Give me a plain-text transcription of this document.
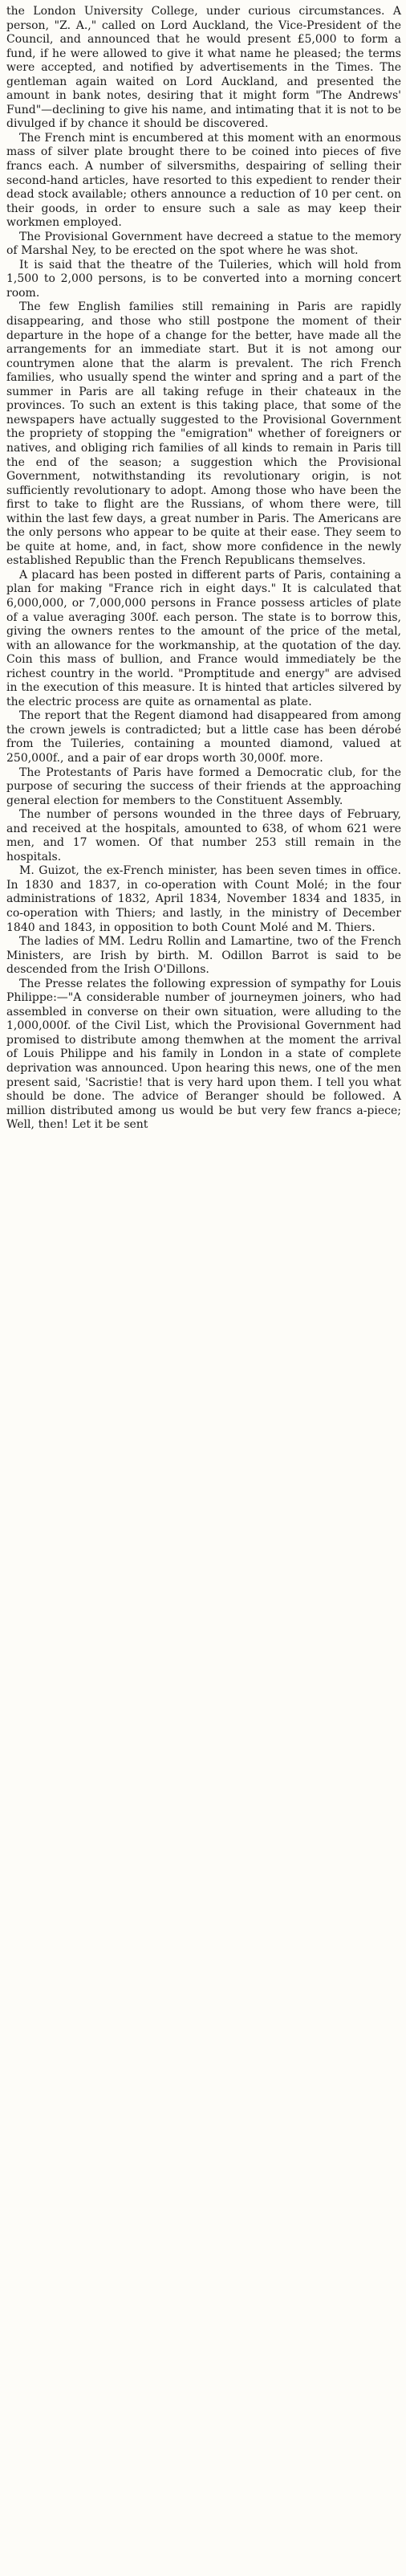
the London University College, under curious circumstances. A person, "Z. A.," called on Lord Auckland, the Vice-President of the Council, and announced that he would present £5,000 to form a fund, if he were allowed to give it what name he pleased; the terms were accepted, and notified by advertisements in the Times. The gentleman again waited on Lord Auckland, and presented the amount in bank notes, desiring that it might form "The Andrews' Fund"—declining to give his name, and intimating that it is not to be divulged if by chance it should be discovered.

The French mint is encumbered at this moment with an enormous mass of silver plate brought there to be coined into pieces of five francs each. A number of silversmiths, despairing of selling their second-hand articles, have resorted to this expedient to render their dead stock available; others announce a reduction of 10 per cent. on their goods, in order to ensure such a sale as may keep their workmen employed.

The Provisional Government have decreed a statue to the memory of Marshal Ney, to be erected on the spot where he was shot.

It is said that the theatre of the Tuileries, which will hold from 1,500 to 2,000 persons, is to be converted into a morning concert room.

The few English families still remaining in Paris are rapidly disappearing, and those who still postpone the moment of their departure in the hope of a change for the better, have made all the arrangements for an immediate start. But it is not among our countrymen alone that the alarm is prevalent. The rich French families, who usually spend the winter and spring and a part of the summer in Paris are all taking refuge in their chateaux in the provinces. To such an extent is this taking place, that some of the newspapers have actually suggested to the Provisional Government the propriety of stopping the "emigration" whether of foreigners or natives, and obliging rich families of all kinds to remain in Paris till the end of the season; a suggestion which the Provisional Government, notwithstanding its revolutionary origin, is not sufficiently revolutionary to adopt. Among those who have been the first to take to flight are the Russians, of whom there were, till within the last few days, a great number in Paris. The Americans are the only persons who appear to be quite at their ease. They seem to be quite at home, and, in fact, show more confidence in the newly established Republic than the French Republicans themselves.

A placard has been posted in different parts of Paris, containing a plan for making "France rich in eight days." It is calculated that 6,000,000, or 7,000,000 persons in France possess articles of plate of a value averaging 300f. each person. The state is to borrow this, giving the owners rentes to the amount of the price of the metal, with an allowance for the workmanship, at the quotation of the day. Coin this mass of bullion, and France would immediately be the richest country in the world. "Promptitude and energy" are advised in the execution of this measure. It is hinted that articles silvered by the electric process are quite as ornamental as plate.

The report that the Regent diamond had disappeared from among the crown jewels is contradicted; but a little case has been dérobé from the Tuileries, containing a mounted diamond, valued at 250,000f., and a pair of ear drops worth 30,000f. more.

The Protestants of Paris have formed a Democratic club, for the purpose of securing the success of their friends at the approaching general election for members to the Constituent Assembly.

The number of persons wounded in the three days of February, and received at the hospitals, amounted to 638, of whom 621 were men, and 17 women. Of that number 253 still remain in the hospitals.

M. Guizot, the ex-French minister, has been seven times in office. In 1830 and 1837, in co-operation with Count Molé; in the four administrations of 1832, April 1834, November 1834 and 1835, in co-operation with Thiers; and lastly, in the ministry of December 1840 and 1843, in opposition to both Count Molé and M. Thiers.

The ladies of MM. Ledru Rollin and Lamartine, two of the French Ministers, are Irish by birth. M. Odillon Barrot is said to be descended from the Irish O'Dillons.

The Presse relates the following expression of sympathy for Louis Philippe:—"A considerable number of journeymen joiners, who had assembled in converse on their own situation, were alluding to the 1,000,000f. of the Civil List, which the Provisional Government had promised to distribute among themwhen at the moment the arrival of Louis Philippe and his family in London in a state of complete deprivation was announced. Upon hearing this news, one of the men present said, 'Sacristie! that is very hard upon them. I tell you what should be done. The advice of Beranger should be followed. A million distributed among us would be but very few francs a-piece; Well, then! Let it be sent
